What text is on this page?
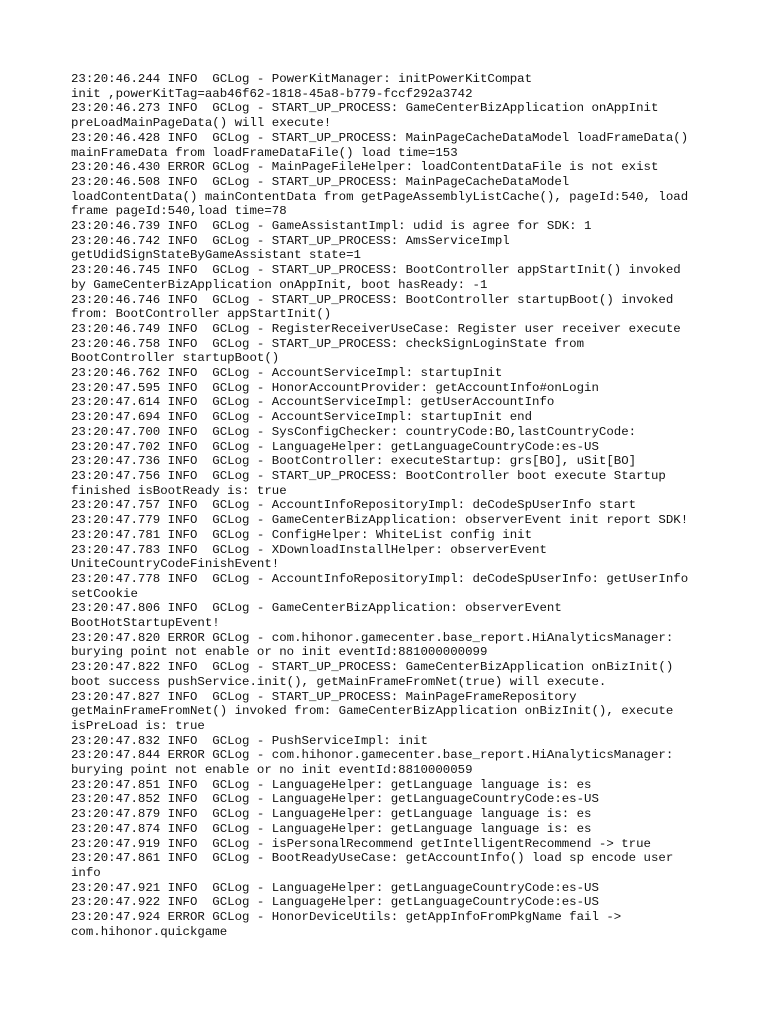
23:20:46.244 INFO  GCLog - PowerKitManager: initPowerKitCompat
init ,powerKitTag=aab46f62-1818-45a8-b779-fccf292a3742
23:20:46.273 INFO  GCLog - START_UP_PROCESS: GameCenterBizApplication onAppInit
preLoadMainPageData() will execute!
23:20:46.428 INFO  GCLog - START_UP_PROCESS: MainPageCacheDataModel loadFrameData()
mainFrameData from loadFrameDataFile() load time=153
23:20:46.430 ERROR GCLog - MainPageFileHelper: loadContentDataFile is not exist
23:20:46.508 INFO  GCLog - START_UP_PROCESS: MainPageCacheDataModel
loadContentData() mainContentData from getPageAssemblyListCache(), pageId:540, load
frame pageId:540,load time=78
23:20:46.739 INFO  GCLog - GameAssistantImpl: udid is agree for SDK: 1
23:20:46.742 INFO  GCLog - START_UP_PROCESS: AmsServiceImpl
getUdidSignStateByGameAssistant state=1
23:20:46.745 INFO  GCLog - START_UP_PROCESS: BootController appStartInit() invoked
by GameCenterBizApplication onAppInit, boot hasReady: -1
23:20:46.746 INFO  GCLog - START_UP_PROCESS: BootController startupBoot() invoked
from: BootController appStartInit()
23:20:46.749 INFO  GCLog - RegisterReceiverUseCase: Register user receiver execute
23:20:46.758 INFO  GCLog - START_UP_PROCESS: checkSignLoginState from
BootController startupBoot()
23:20:46.762 INFO  GCLog - AccountServiceImpl: startupInit
23:20:47.595 INFO  GCLog - HonorAccountProvider: getAccountInfo#onLogin
23:20:47.614 INFO  GCLog - AccountServiceImpl: getUserAccountInfo
23:20:47.694 INFO  GCLog - AccountServiceImpl: startupInit end
23:20:47.700 INFO  GCLog - SysConfigChecker: countryCode:BO,lastCountryCode:
23:20:47.702 INFO  GCLog - LanguageHelper: getLanguageCountryCode:es-US
23:20:47.736 INFO  GCLog - BootController: executeStartup: grs[BO], uSit[BO]
23:20:47.756 INFO  GCLog - START_UP_PROCESS: BootController boot execute Startup
finished isBootReady is: true
23:20:47.757 INFO  GCLog - AccountInfoRepositoryImpl: deCodeSpUserInfo start
23:20:47.779 INFO  GCLog - GameCenterBizApplication: observerEvent init report SDK!
23:20:47.781 INFO  GCLog - ConfigHelper: WhiteList config init
23:20:47.783 INFO  GCLog - XDownloadInstallHelper: observerEvent
UniteCountryCodeFinishEvent!
23:20:47.778 INFO  GCLog - AccountInfoRepositoryImpl: deCodeSpUserInfo: getUserInfo
setCookie
23:20:47.806 INFO  GCLog - GameCenterBizApplication: observerEvent
BootHotStartupEvent!
23:20:47.820 ERROR GCLog - com.hihonor.gamecenter.base_report.HiAnalyticsManager:
burying point not enable or no init eventId:881000000099
23:20:47.822 INFO  GCLog - START_UP_PROCESS: GameCenterBizApplication onBizInit()
boot success pushService.init(), getMainFrameFromNet(true) will execute.
23:20:47.827 INFO  GCLog - START_UP_PROCESS: MainPageFrameRepository
getMainFrameFromNet() invoked from: GameCenterBizApplication onBizInit(), execute
isPreLoad is: true
23:20:47.832 INFO  GCLog - PushServiceImpl: init
23:20:47.844 ERROR GCLog - com.hihonor.gamecenter.base_report.HiAnalyticsManager:
burying point not enable or no init eventId:8810000059
23:20:47.851 INFO  GCLog - LanguageHelper: getLanguage language is: es
23:20:47.852 INFO  GCLog - LanguageHelper: getLanguageCountryCode:es-US
23:20:47.879 INFO  GCLog - LanguageHelper: getLanguage language is: es
23:20:47.874 INFO  GCLog - LanguageHelper: getLanguage language is: es
23:20:47.919 INFO  GCLog - isPersonalRecommend getIntelligentRecommend -> true
23:20:47.861 INFO  GCLog - BootReadyUseCase: getAccountInfo() load sp encode user
info
23:20:47.921 INFO  GCLog - LanguageHelper: getLanguageCountryCode:es-US
23:20:47.922 INFO  GCLog - LanguageHelper: getLanguageCountryCode:es-US
23:20:47.924 ERROR GCLog - HonorDeviceUtils: getAppInfoFromPkgName fail ->
com.hihonor.quickgame
